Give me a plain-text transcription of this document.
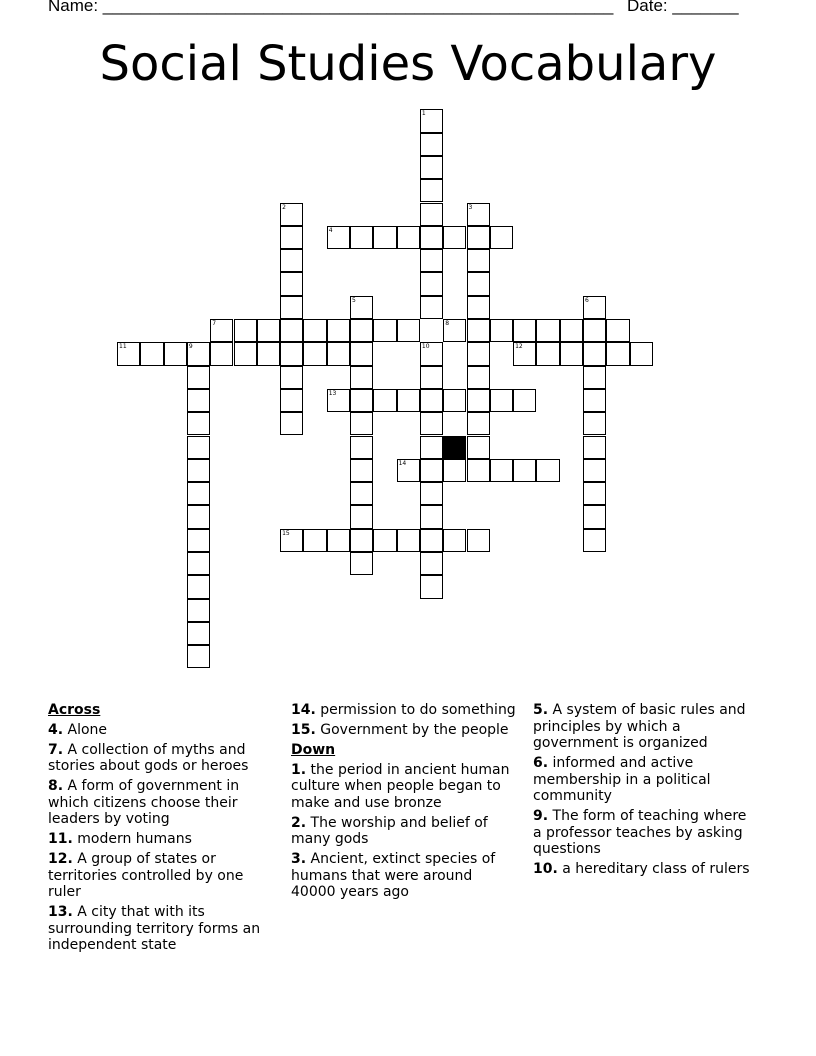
Name: ______________________________________________________ Date: _______
Social Studies Vocabulary
4
7	8
11	9	12
13
14
15
1
2	3
5	6
10
Across
4. Alone
7. A collection of myths and stories about gods or heroes
8. A form of government in which citizens choose their leaders by voting
11. modern humans
12. A group of states or territories controlled by one ruler
13. A city that with its surrounding territory forms an independent state
14. permission to do something
15. Government by the people
Down
1. the period in ancient human culture when people began to make and use bronze
2. The worship and belief of many gods
3. Ancient, extinct species of humans that were around 40000 years ago
5. A system of basic rules and principles by which a government is organized
6. informed and active membership in a political community
9. The form of teaching where a professor teaches by asking questions
10. a hereditary class of rulers
